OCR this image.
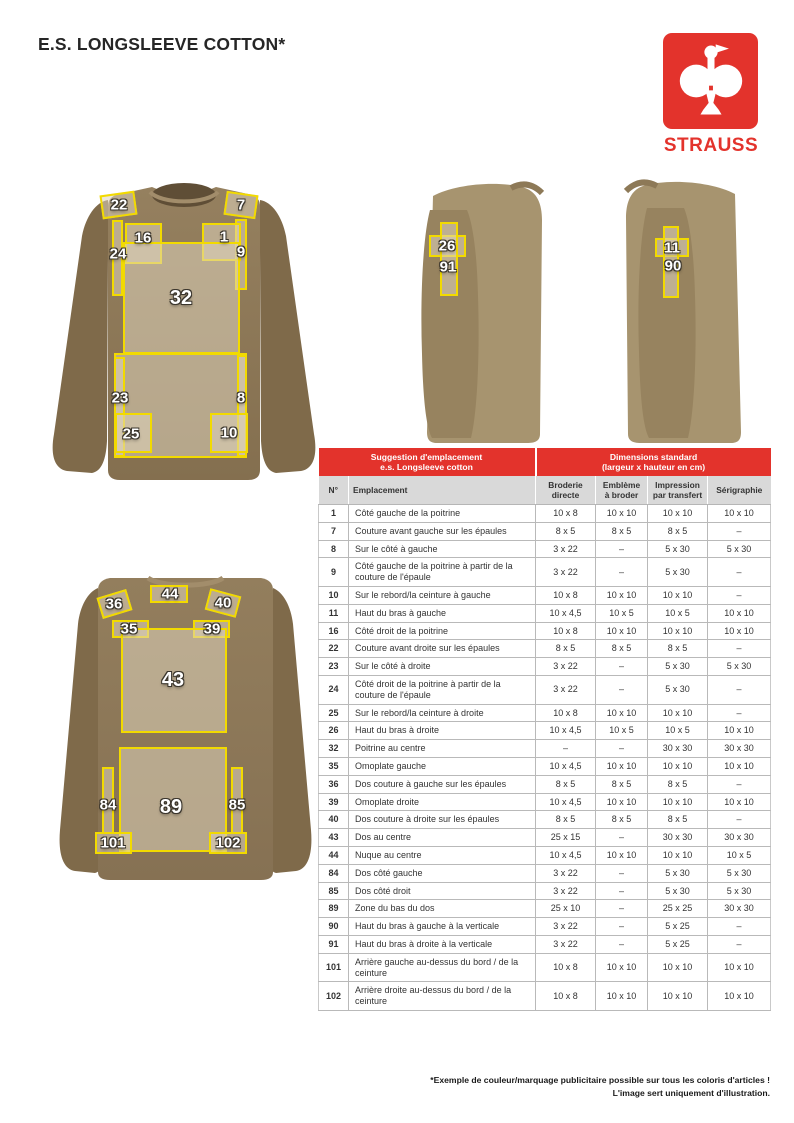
E.S. LONGSLEEVE COTTON*
STRAUSS
22	7
16	1
24	9
32
23	8
25	10
26
91
11
90
44
36	40
35	39
43
89
84	85
101	102
Suggestion d'emplacement
e.s. Longsleeve cotton

Dimensions standard
(largeur x hauteur en cm)

N°	Emplacement	Broderie directe	Emblème à broder	Impression par transfert	Sérigraphie
1	Côté gauche de la poitrine	10 x 8	10 x 10	10 x 10	10 x 10
7	Couture avant gauche sur les épaules	8 x 5	8 x 5	8 x 5	–
8	Sur le côté à gauche	3 x 22	–	5 x 30	5 x 30
9	Côté gauche de la poitrine à partir de la couture de l'épaule	3 x 22	–	5 x 30	–
10	Sur le rebord/la ceinture à gauche	10 x 8	10 x 10	10 x 10	–
11	Haut du bras à gauche	10 x 4,5	10 x 5	10 x 5	10 x 10
16	Côté droit de la poitrine	10 x 8	10 x 10	10 x 10	10 x 10
22	Couture avant droite sur les épaules	8 x 5	8 x 5	8 x 5	–
23	Sur le côté à droite	3 x 22	–	5 x 30	5 x 30
24	Côté droit de la poitrine à partir de la couture de l'épaule	3 x 22	–	5 x 30	–
25	Sur le rebord/la ceinture à droite	10 x 8	10 x 10	10 x 10	–
26	Haut du bras à droite	10 x 4,5	10 x 5	10 x 5	10 x 10
32	Poitrine au centre	–	–	30 x 30	30 x 30
35	Omoplate gauche	10 x 4,5	10 x 10	10 x 10	10 x 10
36	Dos couture à gauche sur les épaules	8 x 5	8 x 5	8 x 5	–
39	Omoplate droite	10 x 4,5	10 x 10	10 x 10	10 x 10
40	Dos couture à droite sur les épaules	8 x 5	8 x 5	8 x 5	–
43	Dos au centre	25 x 15	–	30 x 30	30 x 30
44	Nuque au centre	10 x 4,5	10 x 10	10 x 10	10 x 5
84	Dos côté gauche	3 x 22	–	5 x 30	5 x 30
85	Dos côté droit	3 x 22	–	5 x 30	5 x 30
89	Zone du bas du dos	25 x 10	–	25 x 25	30 x 30
90	Haut du bras à gauche à la verticale	3 x 22	–	5 x 25	–
91	Haut du bras à droite à la verticale	3 x 22	–	5 x 25	–
101	Arrière gauche au-dessus du bord / de la ceinture	10 x 8	10 x 10	10 x 10	10 x 10
102	Arrière droite au-dessus du bord / de la ceinture	10 x 8	10 x 10	10 x 10	10 x 10
*Exemple de couleur/marquage publicitaire possible sur tous les coloris d'articles !
L'image sert uniquement d'illustration.
